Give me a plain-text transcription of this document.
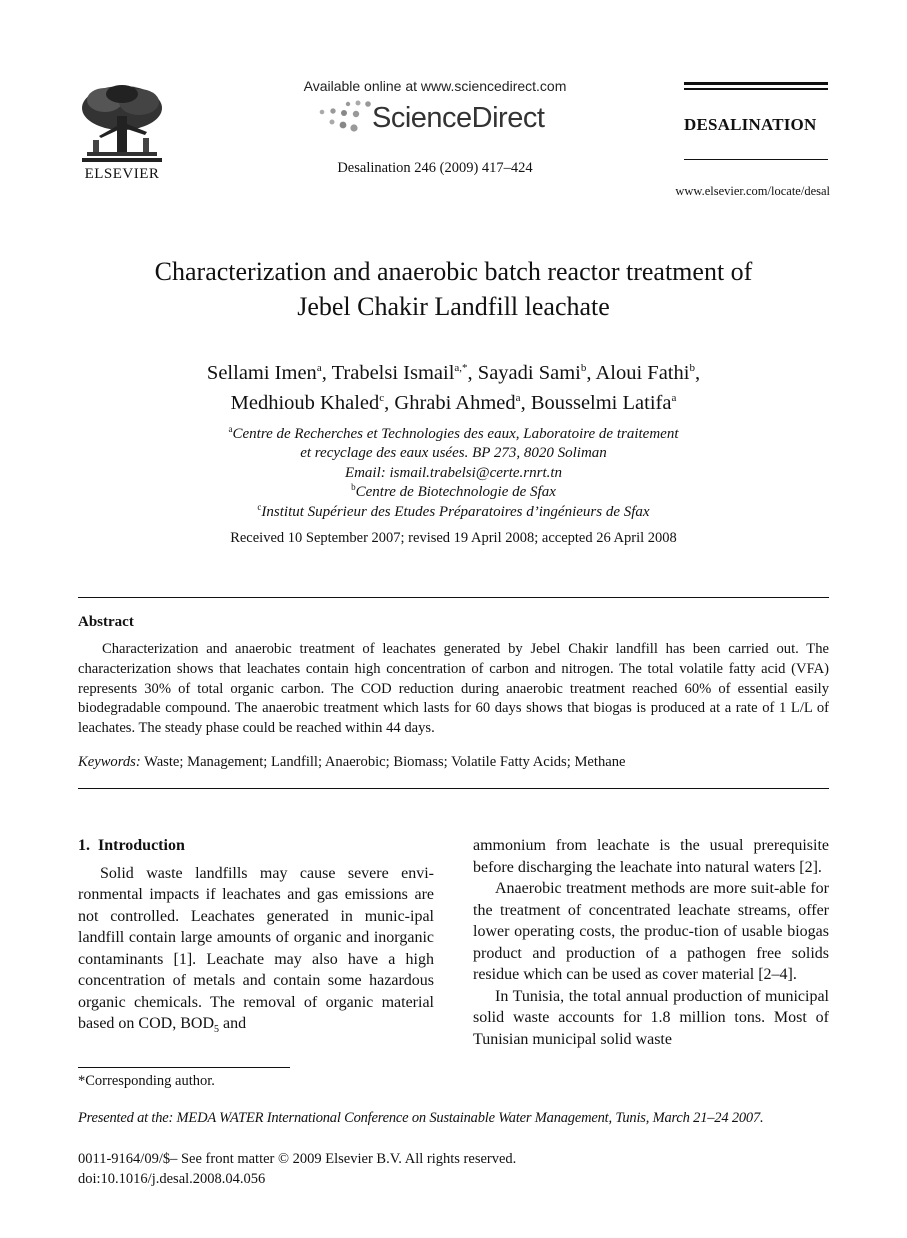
ELSEVIER
Available online at www.sciencedirect.com
ScienceDirect
Desalination 246 (2009) 417–424
DESALINATION
www.elsevier.com/locate/desal
Characterization and anaerobic batch reactor treatment of
Jebel Chakir Landfill leachate
Sellami Imen$^a$, Trabelsi Ismail$^{a,*}$, Sayadi Sami$^b$, Aloui Fathi$^b$,
Medhioub Khaled$^c$, Ghrabi Ahmed$^a$, Bousselmi Latifa$^a$
$^a$Centre de Recherches et Technologies des eaux, Laboratoire de traitement
et recyclage des eaux usées. BP 273, 8020 Soliman
Email: ismail.trabelsi@certe.rnrt.tn
$^b$Centre de Biotechnologie de Sfax
$^c$Institut Supérieur des Etudes Préparatoires d’ingénieurs de Sfax
Received 10 September 2007; revised 19 April 2008; accepted 26 April 2008
Abstract
Characterization and anaerobic treatment of leachates generated by Jebel Chakir landfill has been carried out. The characterization shows that leachates contain high concentration of carbon and nitrogen. The total volatile fatty acid (VFA) represents 30% of total organic carbon. The COD reduction during anaerobic treatment reached 60% of essential easily biodegradable compound. The anaerobic treatment which lasts for 60 days shows that biogas is produced at a rate of 1 L/L of leachates. The steady phase could be reached within 44 days.
Keywords: Waste; Management; Landfill; Anaerobic; Biomass; Volatile Fatty Acids; Methane
1. Introduction

Solid waste landfills may cause severe envi-ronmental impacts if leachates and gas emissions are not controlled. Leachates generated in munic-ipal landfill contain large amounts of organic and inorganic contaminants [1]. Leachate may also have a high concentration of metals and contain some hazardous organic chemicals. The removal of organic material based on COD, $BOD_5$ and

ammonium from leachate is the usual prerequisite before discharging the leachate into natural waters [2].

Anaerobic treatment methods are more suit-able for the treatment of concentrated leachate streams, offer lower operating costs, the produc-tion of usable biogas product and production of a pathogen free solids residue which can be used as cover material [2–4].

In Tunisia, the total annual production of municipal solid waste accounts for 1.8 million tons. Most of Tunisian municipal solid waste

*Corresponding author.
Presented at the: MEDA WATER International Conference on Sustainable Water Management, Tunis, March 21–24 2007.
0011-9164/09/$– See front matter © 2009 Elsevier B.V. All rights reserved.
doi:10.1016/j.desal.2008.04.056
